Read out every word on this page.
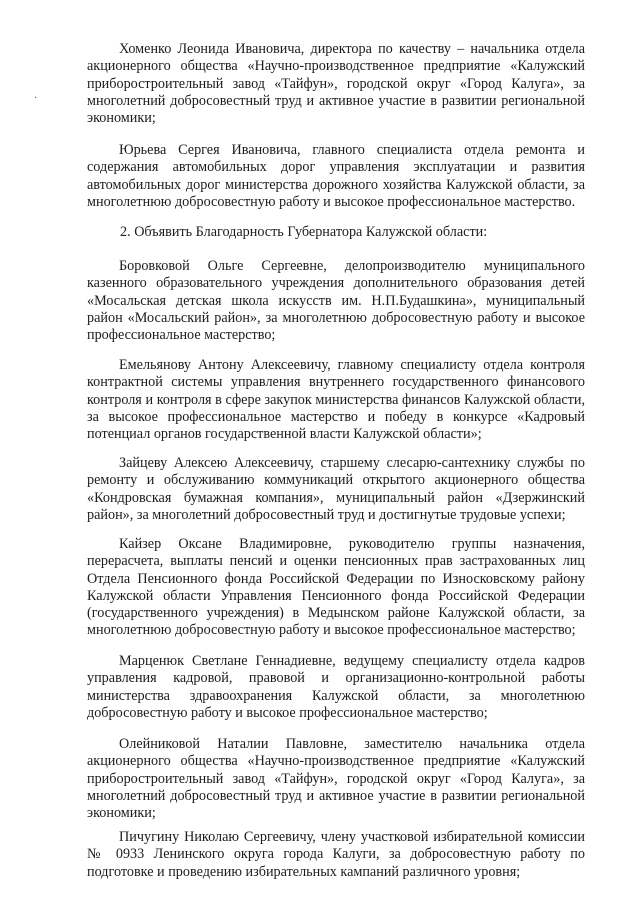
·

Хоменко Леонида Ивановича, директора по качеству – начальника отдела акционерного общества «Научно-производственное предприятие «Калужский приборостроительный завод «Тайфун», городской округ «Город Калуга», за многолетний добросовестный труд и активное участие в развитии региональной экономики;

Юрьева Сергея Ивановича, главного специалиста отдела ремонта и содержания автомобильных дорог управления эксплуатации и развития автомобильных дорог министерства дорожного хозяйства Калужской области, за многолетнюю добросовестную работу и высокое профессиональное мастерство.

2. Объявить Благодарность Губернатора Калужской области:

Боровковой Ольге Сергеевне, делопроизводителю муниципального казенного образовательного учреждения дополнительного образования детей «Мосальская детская школа искусств им. Н.П.Будашкина», муниципальный район «Мосальский район», за многолетнюю добросовестную работу и высокое профессиональное мастерство;

Емельянову Антону Алексеевичу, главному специалисту отдела контроля контрактной системы управления внутреннего государственного финансового контроля и контроля в сфере закупок министерства финансов Калужской области, за высокое профессиональное мастерство и победу в конкурсе «Кадровый потенциал органов государственной власти Калужской области»;

Зайцеву Алексею Алексеевичу, старшему слесарю-сантехнику службы по ремонту и обслуживанию коммуникаций открытого акционерного общества «Кондровская бумажная компания», муниципальный район «Дзержинский район», за многолетний добросовестный труд и достигнутые трудовые успехи;

Кайзер Оксане Владимировне, руководителю группы назначения, перерасчета, выплаты пенсий и оценки пенсионных прав застрахованных лиц Отдела Пенсионного фонда Российской Федерации по Износковскому району Калужской области Управления Пенсионного фонда Российской Федерации (государственного учреждения) в Медынском районе Калужской области, за многолетнюю добросовестную работу и высокое профессиональное мастерство;

Марценюк Светлане Геннадиевне, ведущему специалисту отдела кадров управления кадровой, правовой и организационно-контрольной работы министерства здравоохранения Калужской области, за многолетнюю добросовестную работу и высокое профессиональное мастерство;

Олейниковой Наталии Павловне, заместителю начальника отдела акционерного общества «Научно-производственное предприятие «Калужский приборостроительный завод «Тайфун», городской округ «Город Калуга», за многолетний добросовестный труд и активное участие в развитии региональной экономики;

Пичугину Николаю Сергеевичу, члену участковой избирательной комиссии № 0933 Ленинского округа города Калуги, за добросовестную работу по подготовке и проведению избирательных кампаний различного уровня;
